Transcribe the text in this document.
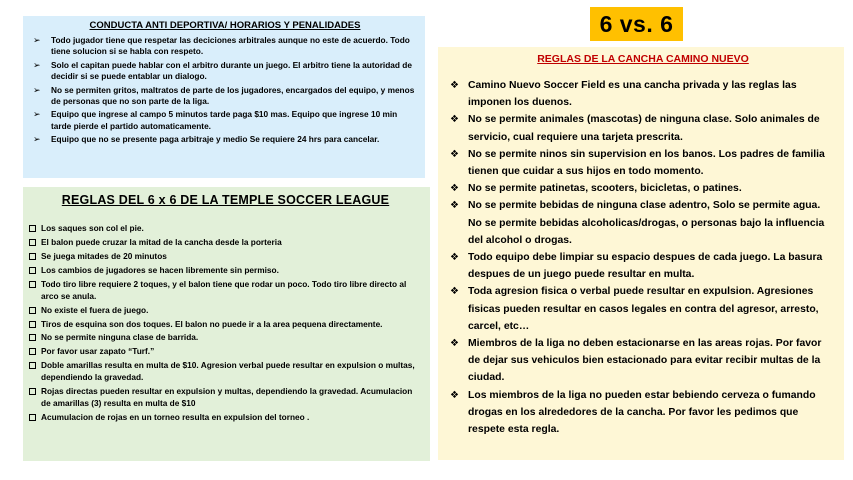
CONDUCTA ANTI DEPORTIVA/ HORARIOS Y PENALIDADES
➢ Todo jugador tiene que respetar las deciciones arbitrales aunque no este de acuerdo. Todo tiene solucion si se habla con respeto.
➢ Solo el capitan puede hablar con el arbitro durante un juego. El arbitro tiene la autoridad de decidir si se puede entablar un dialogo.
➢ No se permiten gritos, maltratos de parte de los jugadores, encargados del equipo, y menos de personas que no son parte de la liga.
➢ Equipo que ingrese al campo 5 minutos tarde paga $10 mas. Equipo que ingrese 10 min tarde pierde el partido automaticamente.
➢ Equipo que no se presente paga arbitraje y medio Se requiere 24 hrs para cancelar.
REGLAS DEL 6 x 6 DE LA TEMPLE SOCCER LEAGUE
Los saques son col el pie.
El balon puede cruzar la mitad de la cancha desde la porteria
Se juega mitades de 20 minutos
Los cambios de jugadores se hacen libremente sin permiso.
Todo tiro libre requiere 2 toques, y el balon tiene que rodar un poco. Todo tiro libre directo al arco se anula.
No existe el fuera de juego.
Tiros de esquina son dos toques. El balon no puede ir a la area pequena directamente.
No se permite ninguna clase de barrida.
Por favor usar zapato “Turf.”
Doble amarillas resulta en multa de $10. Agresion verbal puede resultar en expulsion o multas, dependiendo la gravedad.
Rojas directas pueden resultar en expulsion y multas, dependiendo la gravedad. Acumulacion de amarillas (3) resulta en multa de $10
Acumulacion de rojas en un torneo resulta en expulsion del torneo .
6 vs. 6
REGLAS DE LA CANCHA CAMINO NUEVO
❖ Camino Nuevo Soccer Field es una cancha privada y las reglas las imponen los duenos.
❖ No se permite animales (mascotas) de ninguna clase. Solo animales de servicio, cual requiere una tarjeta prescrita.
❖ No se permite ninos sin supervision en los banos. Los padres de familia tienen que cuidar a sus hijos en todo momento.
❖ No se permite patinetas, scooters, bicicletas, o patines.
❖ No se permite bebidas de ninguna clase adentro, Solo se permite agua. No se permite bebidas alcoholicas/drogas, o personas bajo la influencia del alcohol o drogas.
❖ Todo equipo debe limpiar su espacio despues de cada juego. La basura despues de un juego puede resultar en multa.
❖ Toda agresion fisica o verbal puede resultar en expulsion. Agresiones fisicas pueden resultar en casos legales en contra del agresor, arresto, carcel, etc…
❖ Miembros de la liga no deben estacionarse en las areas rojas. Por favor de dejar sus vehiculos bien estacionado para evitar recibir multas de la ciudad.
❖ Los miembros de la liga no pueden estar bebiendo cerveza o fumando drogas en los alrededores de la cancha. Por favor les pedimos que respete esta regla.
